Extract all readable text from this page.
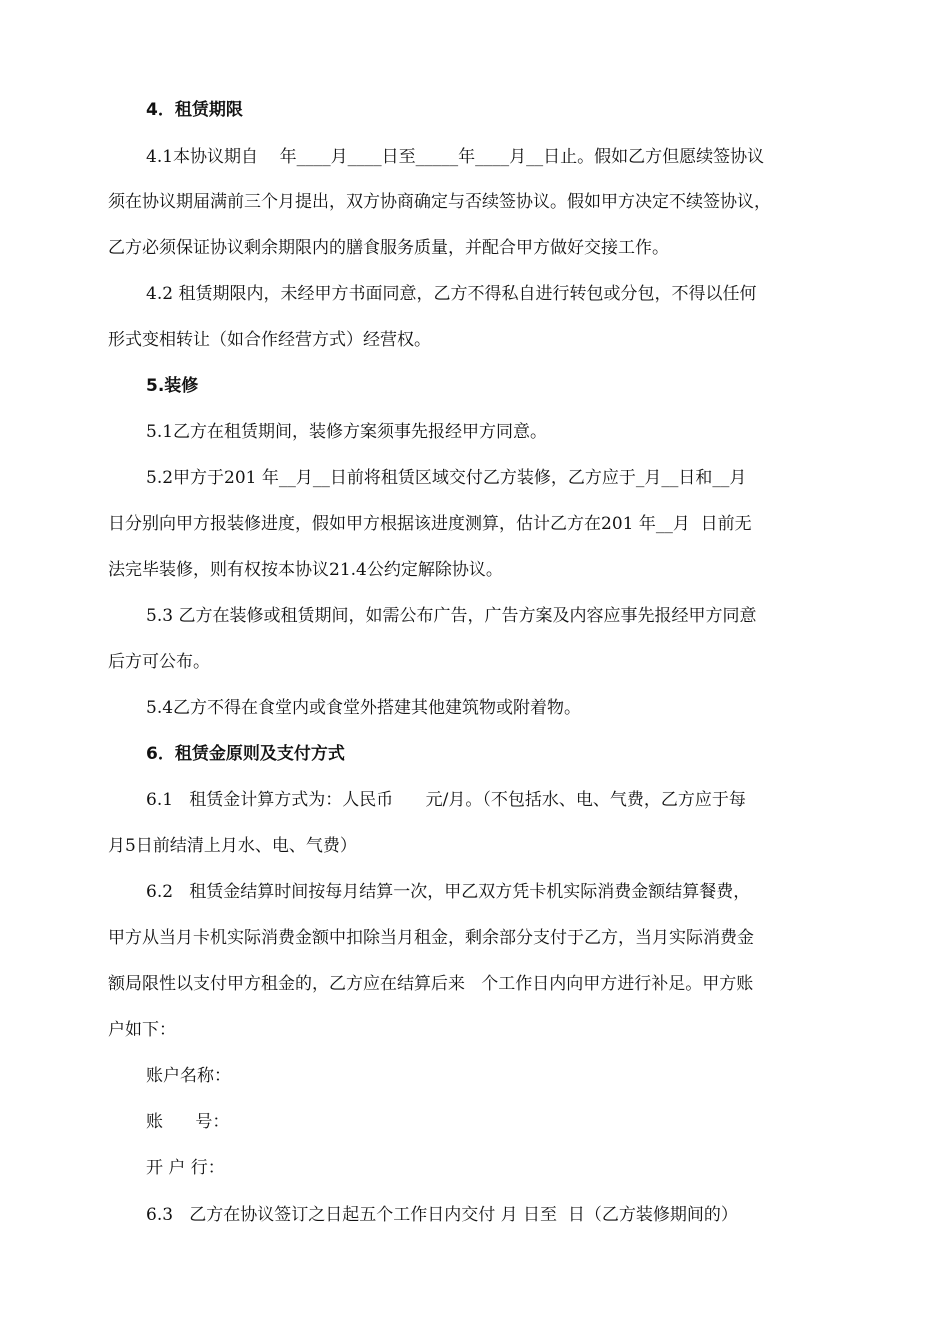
4．租赁期限
4.1本协议期自    年____月____日至_____年____月__日止。假如乙方但愿续签协议
须在协议期届满前三个月提出，双方协商确定与否续签协议。假如甲方决定不续签协议，
乙方必须保证协议剩余期限内的膳食服务质量，并配合甲方做好交接工作。
4.2 租赁期限内，未经甲方书面同意，乙方不得私自进行转包或分包，不得以任何
形式变相转让（如合作经营方式）经营权。
5.装修
5.1乙方在租赁期间，装修方案须事先报经甲方同意。
5.2甲方于201 年__月__日前将租赁区域交付乙方装修，乙方应于_月__日和__月
日分别向甲方报装修进度，假如甲方根据该进度测算，估计乙方在201 年__月  日前无
法完毕装修，则有权按本协议21.4公约定解除协议。
5.3 乙方在装修或租赁期间，如需公布广告，广告方案及内容应事先报经甲方同意
后方可公布。
5.4乙方不得在食堂内或食堂外搭建其他建筑物或附着物。
6．租赁金原则及支付方式
6.1   租赁金计算方式为：人民币      元/月。（不包括水、电、气费，乙方应于每
月5日前结清上月水、电、气费）
6.2   租赁金结算时间按每月结算一次，甲乙双方凭卡机实际消费金额结算餐费，
甲方从当月卡机实际消费金额中扣除当月租金，剩余部分支付于乙方，当月实际消费金
额局限性以支付甲方租金的，乙方应在结算后来   个工作日内向甲方进行补足。甲方账
户如下：
账户名称：
账      号：
开 户 行：
6.3   乙方在协议签订之日起五个工作日内交付 月 日至  日（乙方装修期间的）
